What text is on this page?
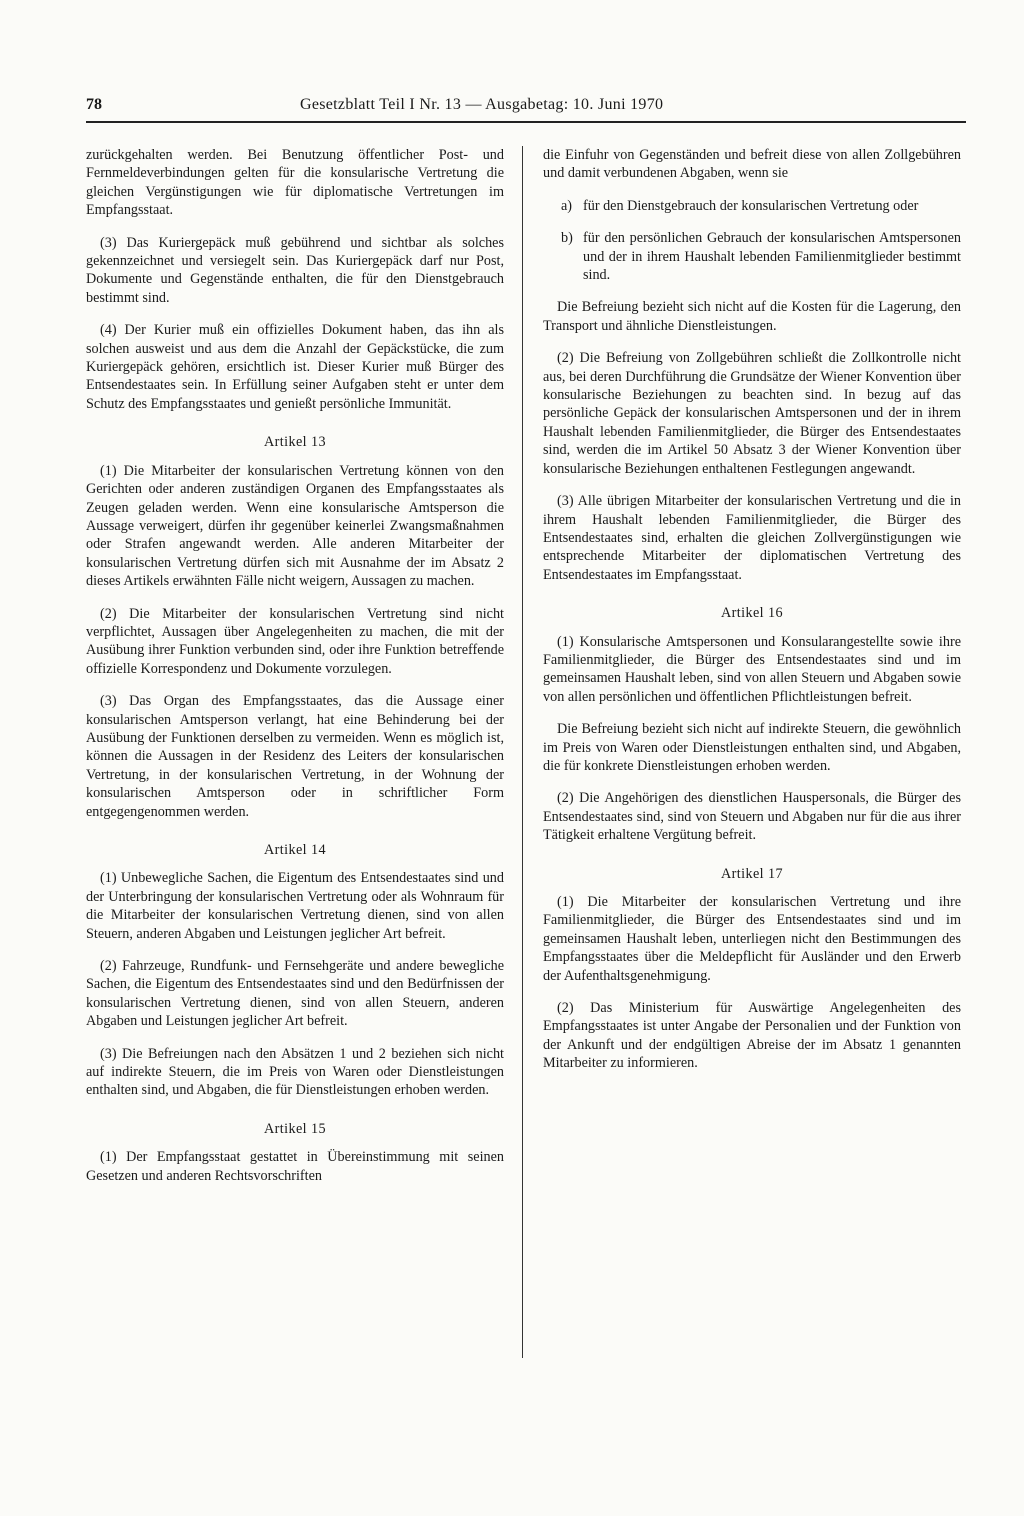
78	Gesetzblatt Teil I Nr. 13 — Ausgabetag: 10. Juni 1970

zurückgehalten werden. Bei Benutzung öffentlicher Post- und Fernmeldeverbindungen gelten für die konsularische Vertretung die gleichen Vergünstigungen wie für diplomatische Vertretungen im Empfangsstaat.

(3) Das Kuriergepäck muß gebührend und sichtbar als solches gekennzeichnet und versiegelt sein. Das Kuriergepäck darf nur Post, Dokumente und Gegenstände enthalten, die für den Dienstgebrauch bestimmt sind.

(4) Der Kurier muß ein offizielles Dokument haben, das ihn als solchen ausweist und aus dem die Anzahl der Gepäckstücke, die zum Kuriergepäck gehören, ersichtlich ist. Dieser Kurier muß Bürger des Entsendestaates sein. In Erfüllung seiner Aufgaben steht er unter dem Schutz des Empfangsstaates und genießt persönliche Immunität.

Artikel 13

(1) Die Mitarbeiter der konsularischen Vertretung können von den Gerichten oder anderen zuständigen Organen des Empfangsstaates als Zeugen geladen werden. Wenn eine konsularische Amtsperson die Aussage verweigert, dürfen ihr gegenüber keinerlei Zwangsmaßnahmen oder Strafen angewandt werden. Alle anderen Mitarbeiter der konsularischen Vertretung dürfen sich mit Ausnahme der im Absatz 2 dieses Artikels erwähnten Fälle nicht weigern, Aussagen zu machen.

(2) Die Mitarbeiter der konsularischen Vertretung sind nicht verpflichtet, Aussagen über Angelegenheiten zu machen, die mit der Ausübung ihrer Funktion verbunden sind, oder ihre Funktion betreffende offizielle Korrespondenz und Dokumente vorzulegen.

(3) Das Organ des Empfangsstaates, das die Aussage einer konsularischen Amtsperson verlangt, hat eine Behinderung bei der Ausübung der Funktionen derselben zu vermeiden. Wenn es möglich ist, können die Aussagen in der Residenz des Leiters der konsularischen Vertretung, in der konsularischen Vertretung, in der Wohnung der konsularischen Amtsperson oder in schriftlicher Form entgegengenommen werden.

Artikel 14

(1) Unbewegliche Sachen, die Eigentum des Entsendestaates sind und der Unterbringung der konsularischen Vertretung oder als Wohnraum für die Mitarbeiter der konsularischen Vertretung dienen, sind von allen Steuern, anderen Abgaben und Leistungen jeglicher Art befreit.

(2) Fahrzeuge, Rundfunk- und Fernsehgeräte und andere bewegliche Sachen, die Eigentum des Entsendestaates sind und den Bedürfnissen der konsularischen Vertretung dienen, sind von allen Steuern, anderen Abgaben und Leistungen jeglicher Art befreit.

(3) Die Befreiungen nach den Absätzen 1 und 2 beziehen sich nicht auf indirekte Steuern, die im Preis von Waren oder Dienstleistungen enthalten sind, und Abgaben, die für Dienstleistungen erhoben werden.

Artikel 15

(1) Der Empfangsstaat gestattet in Übereinstimmung mit seinen Gesetzen und anderen Rechtsvorschriften

die Einfuhr von Gegenständen und befreit diese von allen Zollgebühren und damit verbundenen Abgaben, wenn sie

a) für den Dienstgebrauch der konsularischen Vertretung oder
b) für den persönlichen Gebrauch der konsularischen Amtspersonen und der in ihrem Haushalt lebenden Familienmitglieder bestimmt sind.

Die Befreiung bezieht sich nicht auf die Kosten für die Lagerung, den Transport und ähnliche Dienstleistungen.

(2) Die Befreiung von Zollgebühren schließt die Zollkontrolle nicht aus, bei deren Durchführung die Grundsätze der Wiener Konvention über konsularische Beziehungen zu beachten sind. In bezug auf das persönliche Gepäck der konsularischen Amtspersonen und der in ihrem Haushalt lebenden Familienmitglieder, die Bürger des Entsendestaates sind, werden die im Artikel 50 Absatz 3 der Wiener Konvention über konsularische Beziehungen enthaltenen Festlegungen angewandt.

(3) Alle übrigen Mitarbeiter der konsularischen Vertretung und die in ihrem Haushalt lebenden Familienmitglieder, die Bürger des Entsendestaates sind, erhalten die gleichen Zollvergünstigungen wie entsprechende Mitarbeiter der diplomatischen Vertretung des Entsendestaates im Empfangsstaat.

Artikel 16

(1) Konsularische Amtspersonen und Konsularangestellte sowie ihre Familienmitglieder, die Bürger des Entsendestaates sind und im gemeinsamen Haushalt leben, sind von allen Steuern und Abgaben sowie von allen persönlichen und öffentlichen Pflichtleistungen befreit.

Die Befreiung bezieht sich nicht auf indirekte Steuern, die gewöhnlich im Preis von Waren oder Dienstleistungen enthalten sind, und Abgaben, die für konkrete Dienstleistungen erhoben werden.

(2) Die Angehörigen des dienstlichen Hauspersonals, die Bürger des Entsendestaates sind, sind von Steuern und Abgaben nur für die aus ihrer Tätigkeit erhaltene Vergütung befreit.

Artikel 17

(1) Die Mitarbeiter der konsularischen Vertretung und ihre Familienmitglieder, die Bürger des Entsendestaates sind und im gemeinsamen Haushalt leben, unterliegen nicht den Bestimmungen des Empfangsstaates über die Meldepflicht für Ausländer und den Erwerb der Aufenthaltsgenehmigung.

(2) Das Ministerium für Auswärtige Angelegenheiten des Empfangsstaates ist unter Angabe der Personalien und der Funktion von der Ankunft und der endgültigen Abreise der im Absatz 1 genannten Mitarbeiter zu informieren.
